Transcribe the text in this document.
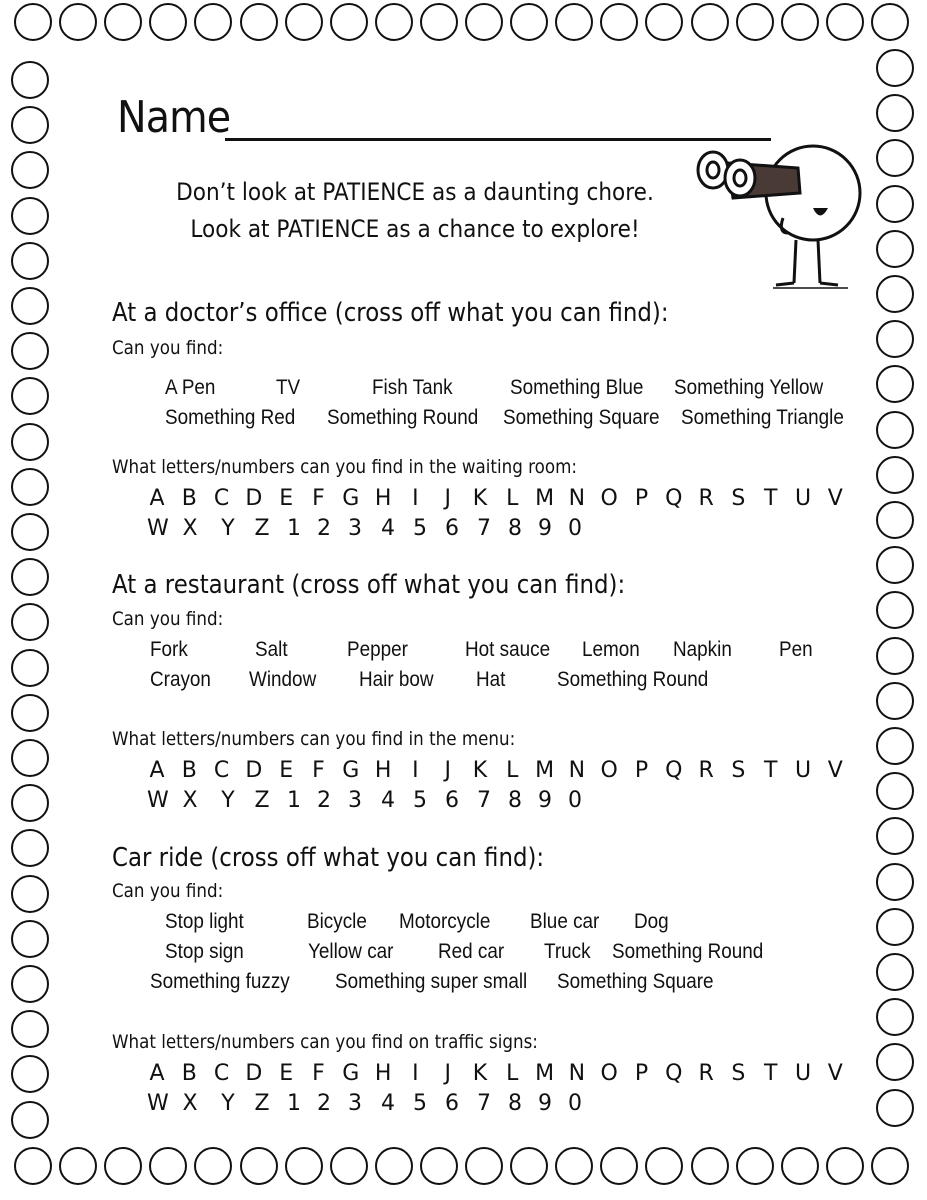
Name
Don’t look at PATIENCE as a daunting chore.
Look at PATIENCE as a chance to explore!
At a doctor’s office (cross off what you can find):
Can you find:
A Pen	TV	Fish Tank	Something Blue Something Yellow
Something Red Something Round Something Square Something Triangle
What letters/numbers can you find in the waiting room:
A B C D E F G H I	J K L M N O P Q R S T U V
W X Y Z 1 2 3 4 5 6 7 8 9 0
At a restaurant (cross off what you can find):
Can you find:
Fork	Salt	Pepper	Hot sauce Lemon Napkin Pen
Crayon Window Hair bow Hat Something Round
What letters/numbers can you find in the menu:
A B C D E F G H I	J K L M N O P Q R S T U V
W X Y Z 1 2 3 4 5 6 7 8 9 0
Car ride (cross off what you can find):
Can you find:
Stop light	Bicycle Motorcycle Blue car Dog
Stop sign	Yellow car Red car Truck Something Round
Something fuzzy Something super small Something Square
What letters/numbers can you find on traffic signs:
A B C D E F G H I	J K L M N O P Q R S T U V
W X Y Z 1 2 3 4 5 6 7 8 9 0
